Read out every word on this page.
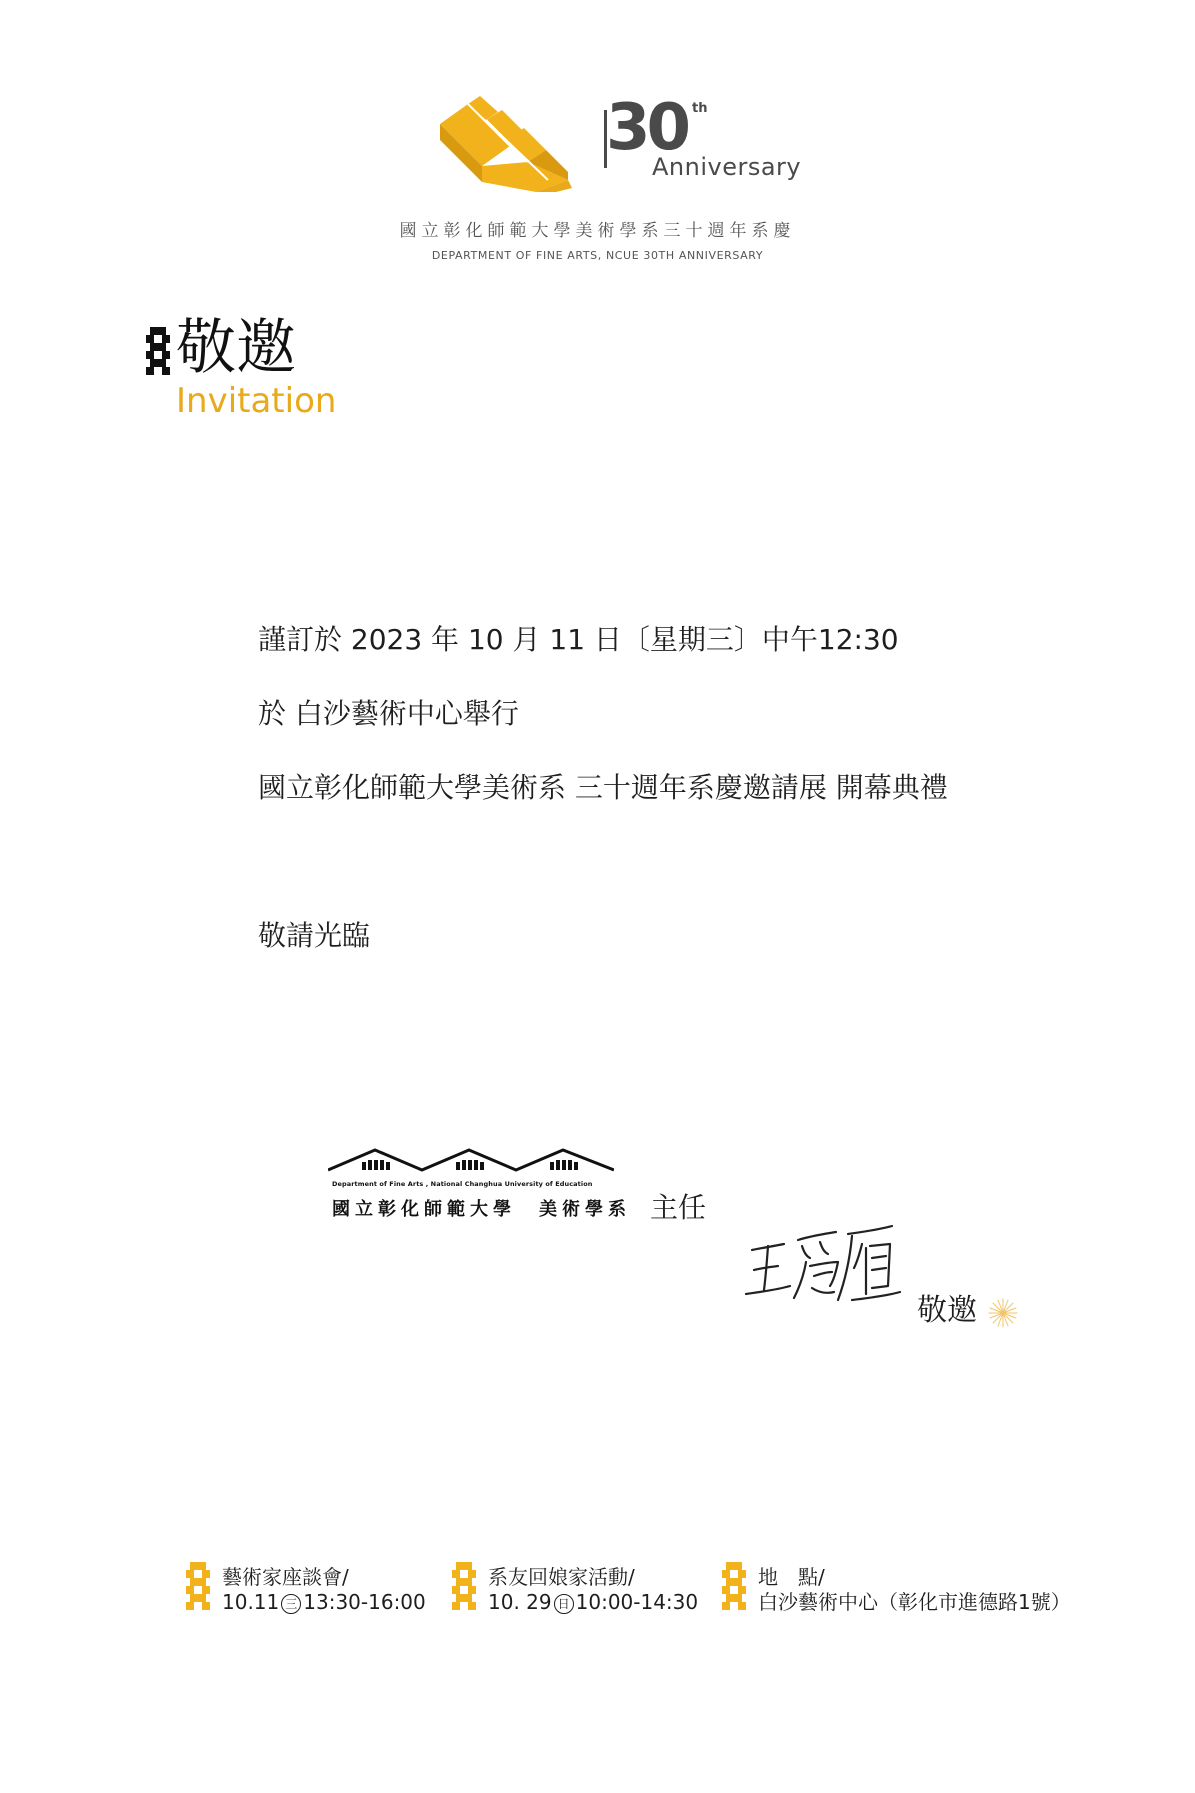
30 th
Anniversary
國立彰化師範大學美術學系三十週年系慶
DEPARTMENT OF FINE ARTS, NCUE 30TH ANNIVERSARY
敬邀
Invitation
謹訂於 2023 年 10 月 11 日〔星期三〕中午12:30
於 白沙藝術中心舉行
國立彰化師範大學美術系 三十週年系慶邀請展 開幕典禮
敬請光臨
Department of Fine Arts , National Changhua University of Education
國立彰化師範大學　美術學系 主任
敬邀
藝術家座談會/
10.11 三 13:30-16:00
系友回娘家活動/
10. 29 日 10:00-14:30
地　點/
白沙藝術中心（彰化市進德路1號）
